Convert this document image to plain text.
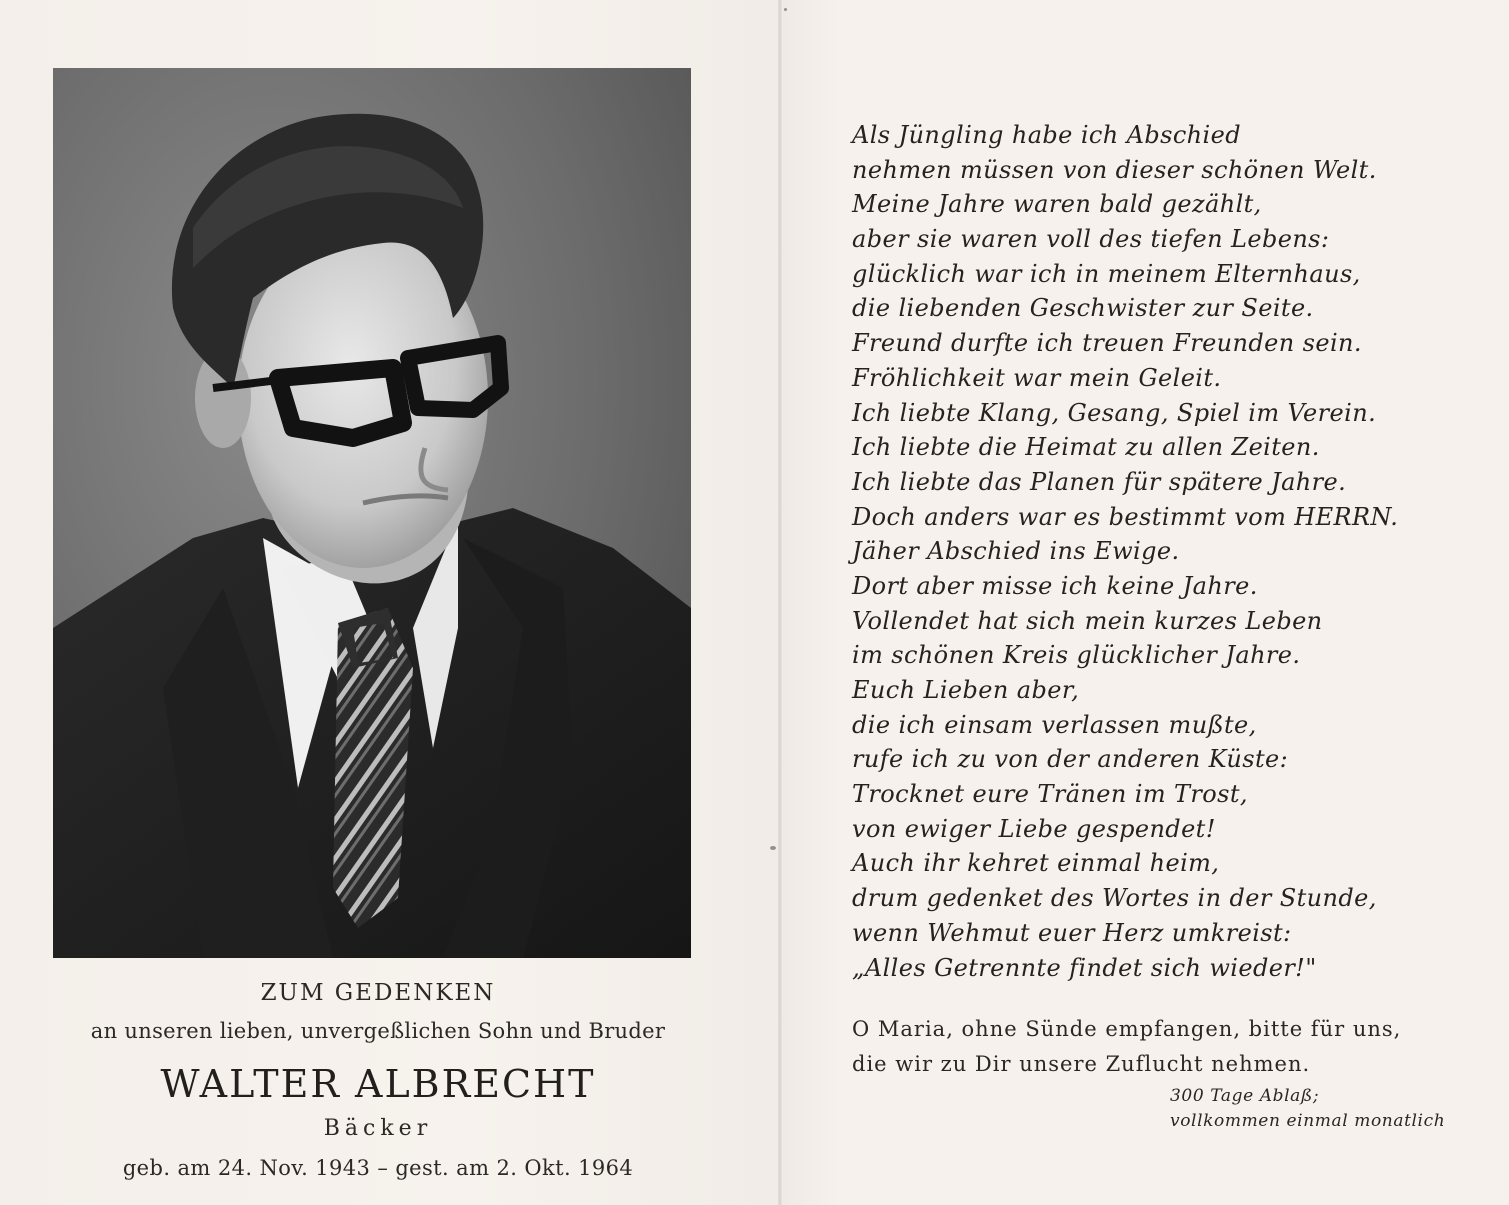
ZUM GEDENKEN

an unseren lieben, unvergeßlichen Sohn und Bruder

WALTER ALBRECHT

Bäcker

geb. am 24. Nov. 1943 – gest. am 2. Okt. 1964

Als Jüngling habe ich Abschied
nehmen müssen von dieser schönen Welt.
Meine Jahre waren bald gezählt,
aber sie waren voll des tiefen Lebens:
glücklich war ich in meinem Elternhaus,
die liebenden Geschwister zur Seite.
Freund durfte ich treuen Freunden sein.
Fröhlichkeit war mein Geleit.
Ich liebte Klang, Gesang, Spiel im Verein.
Ich liebte die Heimat zu allen Zeiten.
Ich liebte das Planen für spätere Jahre.
Doch anders war es bestimmt vom HERRN.
Jäher Abschied ins Ewige.
Dort aber misse ich keine Jahre.
Vollendet hat sich mein kurzes Leben
im schönen Kreis glücklicher Jahre.
Euch Lieben aber,
die ich einsam verlassen mußte,
rufe ich zu von der anderen Küste:
Trocknet eure Tränen im Trost,
von ewiger Liebe gespendet!
Auch ihr kehret einmal heim,
drum gedenket des Wortes in der Stunde,
wenn Wehmut euer Herz umkreist:
„Alles Getrennte findet sich wieder!"
O Maria, ohne Sünde empfangen, bitte für uns,
die wir zu Dir unsere Zuflucht nehmen.
300 Tage Ablaß;
vollkommen einmal monatlich
